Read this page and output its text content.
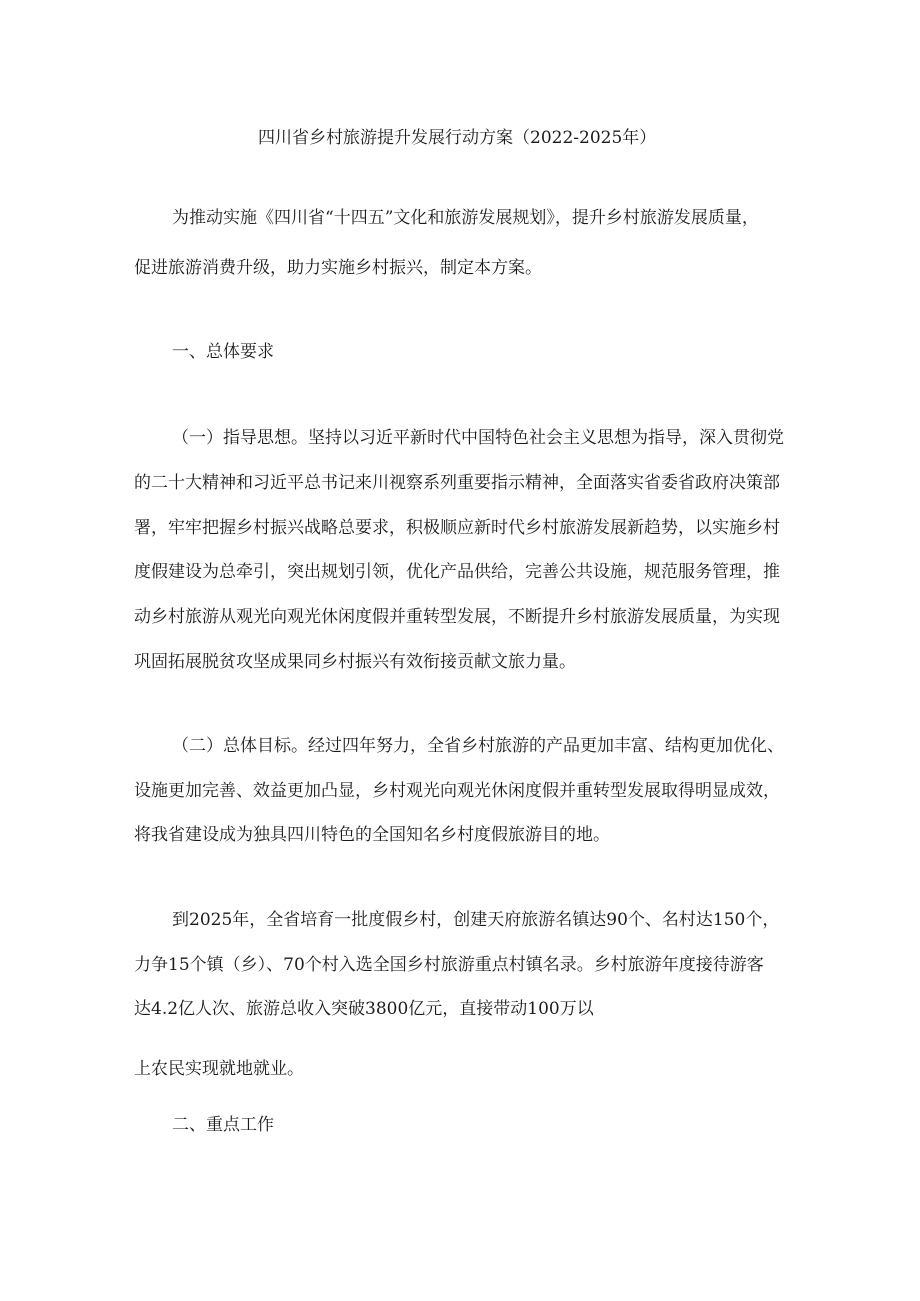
四川省乡村旅游提升发展行动方案（2022-2025年）
为推动实施《四川省“十四五”文化和旅游发展规划》，提升乡村旅游发展质量，
促进旅游消费升级，助力实施乡村振兴，制定本方案。
一、总体要求
（一）指导思想。坚持以习近平新时代中国特色社会主义思想为指导，深入贯彻党
的二十大精神和习近平总书记来川视察系列重要指示精神，全面落实省委省政府决策部
署，牢牢把握乡村振兴战略总要求，积极顺应新时代乡村旅游发展新趋势，以实施乡村
度假建设为总牵引，突出规划引领，优化产品供给，完善公共设施，规范服务管理，推
动乡村旅游从观光向观光休闲度假并重转型发展，不断提升乡村旅游发展质量，为实现
巩固拓展脱贫攻坚成果同乡村振兴有效衔接贡献文旅力量。
（二）总体目标。经过四年努力，全省乡村旅游的产品更加丰富、结构更加优化、
设施更加完善、效益更加凸显，乡村观光向观光休闲度假并重转型发展取得明显成效，
将我省建设成为独具四川特色的全国知名乡村度假旅游目的地。
到2025年，全省培育一批度假乡村，创建天府旅游名镇达90个、名村达150个，
力争15个镇（乡）、70个村入选全国乡村旅游重点村镇名录。乡村旅游年度接待游客
达4.2亿人次、旅游总收入突破3800亿元，直接带动100万以
上农民实现就地就业。
二、重点工作
